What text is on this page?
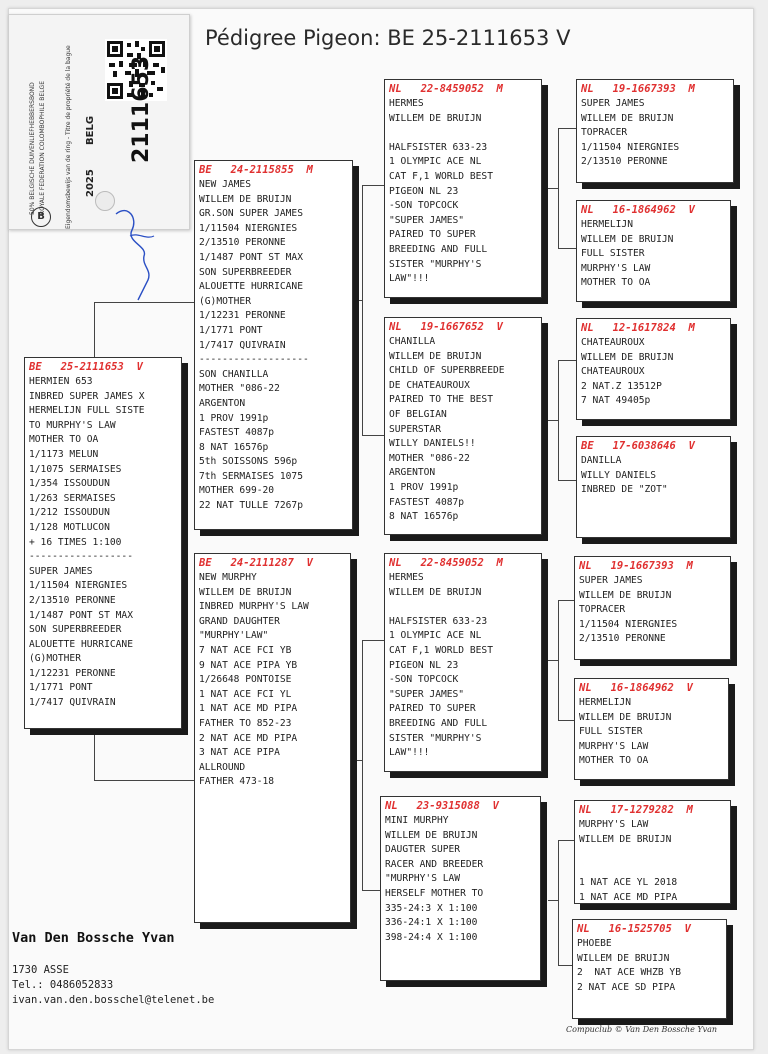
50% BELGISCHE DUIVENLIEFHEBBERSBOND ROYALE FEDERATION COLOMBOPHILE BELGE	Eigendomsbewijs van de ring - Titre de propriété de la bague 2025
BELG 2111653
B
Pédigree Pigeon: BE 25-2111653 V
BE   25-2111653  V
HERMIEN 653
INBRED SUPER JAMES X
HERMELIJN FULL SISTE
TO MURPHY'S LAW
MOTHER TO OA
1/1173 MELUN
1/1075 SERMAISES
1/354 ISSOUDUN
1/263 SERMAISES
1/212 ISSOUDUN
1/128 MOTLUCON
+ 16 TIMES 1:100
------------------
SUPER JAMES
1/11504 NIERGNIES
2/13510 PERONNE
1/1487 PONT ST MAX
SON SUPERBREEDER
ALOUETTE HURRICANE
(G)MOTHER
1/12231 PERONNE
1/1771 PONT
1/7417 QUIVRAIN
BE   24-2115855  M
NEW JAMES
WILLEM DE BRUIJN
GR.SON SUPER JAMES
1/11504 NIERGNIES
2/13510 PERONNE
1/1487 PONT ST MAX
SON SUPERBREEDER
ALOUETTE HURRICANE
(G)MOTHER
1/12231 PERONNE
1/1771 PONT
1/7417 QUIVRAIN
-------------------
SON CHANILLA
MOTHER "086-22
ARGENTON
1 PROV 1991p
FASTEST 4087p
8 NAT 16576p
5th SOISSONS 596p
7th SERMAISES 1075
MOTHER 699-20
22 NAT TULLE 7267p
BE   24-2111287  V
NEW MURPHY
WILLEM DE BRUIJN
INBRED MURPHY'S LAW
GRAND DAUGHTER
"MURPHY'LAW"
7 NAT ACE FCI YB
9 NAT ACE PIPA YB
1/26648 PONTOISE
1 NAT ACE FCI YL
1 NAT ACE MD PIPA
FATHER TO 852-23
2 NAT ACE MD PIPA
3 NAT ACE PIPA
ALLROUND
FATHER 473-18
NL   22-8459052  M
HERMES
WILLEM DE BRUIJN
HALFSISTER 633-23
1 OLYMPIC ACE NL
CAT F,1 WORLD BEST
PIGEON NL 23
-SON TOPCOCK
"SUPER JAMES"
PAIRED TO SUPER
BREEDING AND FULL
SISTER "MURPHY'S
LAW"!!!
NL   19-1667652  V
CHANILLA
WILLEM DE BRUIJN
CHILD OF SUPERBREEDE
DE CHATEAUROUX
PAIRED TO THE BEST
OF BELGIAN
SUPERSTAR
WILLY DANIELS!!
MOTHER "086-22
ARGENTON
1 PROV 1991p
FASTEST 4087p
8 NAT 16576p
NL   22-8459052  M
HERMES
WILLEM DE BRUIJN
HALFSISTER 633-23
1 OLYMPIC ACE NL
CAT F,1 WORLD BEST
PIGEON NL 23
-SON TOPCOCK
"SUPER JAMES"
PAIRED TO SUPER
BREEDING AND FULL
SISTER "MURPHY'S
LAW"!!!
NL   23-9315088  V
MINI MURPHY
WILLEM DE BRUIJN
DAUGTER SUPER
RACER AND BREEDER
"MURPHY'S LAW
HERSELF MOTHER TO
335-24:3 X 1:100
336-24:1 X 1:100
398-24:4 X 1:100
NL   19-1667393  M
SUPER JAMES
WILLEM DE BRUIJN
TOPRACER
1/11504 NIERGNIES
2/13510 PERONNE
NL   16-1864962  V
HERMELIJN
WILLEM DE BRUIJN
FULL SISTER
MURPHY'S LAW
MOTHER TO OA
NL   12-1617824  M
CHATEAUROUX
WILLEM DE BRUIJN
CHATEAUROUX
2 NAT.Z 13512P
7 NAT 49405p
BE   17-6038646  V
DANILLA
WILLY DANIELS
INBRED DE "ZOT"
NL   19-1667393  M
SUPER JAMES
WILLEM DE BRUIJN
TOPRACER
1/11504 NIERGNIES
2/13510 PERONNE
NL   16-1864962  V
HERMELIJN
WILLEM DE BRUIJN
FULL SISTER
MURPHY'S LAW
MOTHER TO OA
NL   17-1279282  M
MURPHY'S LAW
WILLEM DE BRUIJN
1 NAT ACE YL 2018
1 NAT ACE MD PIPA
NL   16-1525705  V
PHOEBE
WILLEM DE BRUIJN
2  NAT ACE WHZB YB
2 NAT ACE SD PIPA
Van Den Bossche Yvan
1730 ASSE
Tel.: 0486052833
ivan.van.den.bosschel@telenet.be
Compuclub © Van Den Bossche Yvan
